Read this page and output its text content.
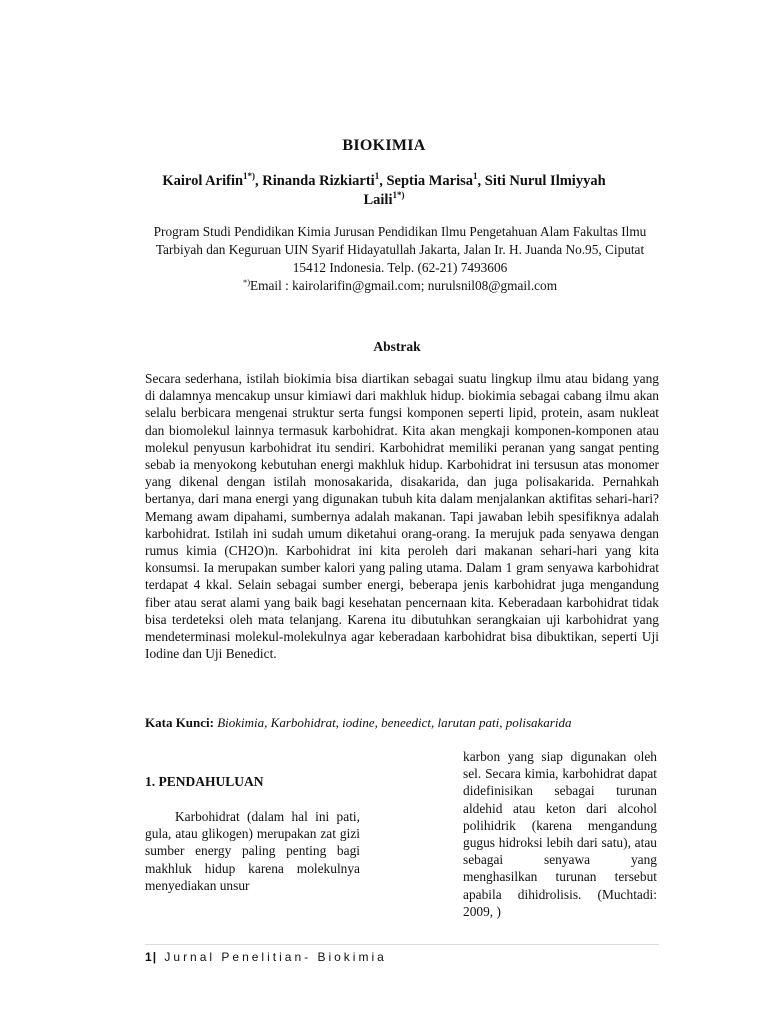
BIOKIMIA
Kairol Arifin$^{1*)}$, Rinanda Rizkiarti$^1$, Septia Marisa$^1$, Siti Nurul Ilmiyyah Laili$^{1*)}$
Program Studi Pendidikan Kimia Jurusan Pendidikan Ilmu Pengetahuan Alam Fakultas Ilmu Tarbiyah dan Keguruan UIN Syarif Hidayatullah Jakarta, Jalan Ir. H. Juanda No.95, Ciputat 15412 Indonesia. Telp. (62-21) 7493606
*)Email : kairolarifin@gmail.com; nurulsnil08@gmail.com
Abstrak
Secara sederhana, istilah biokimia bisa diartikan sebagai suatu lingkup ilmu atau bidang yang di dalamnya mencakup unsur kimiawi dari makhluk hidup. biokimia sebagai cabang ilmu akan selalu berbicara mengenai struktur serta fungsi komponen seperti lipid, protein, asam nukleat dan biomolekul lainnya termasuk karbohidrat. Kita akan mengkaji komponen-komponen atau molekul penyusun karbohidrat itu sendiri. Karbohidrat memiliki peranan yang sangat penting sebab ia menyokong kebutuhan energi makhluk hidup. Karbohidrat ini tersusun atas monomer yang dikenal dengan istilah monosakarida, disakarida, dan juga polisakarida. Pernahkah bertanya, dari mana energi yang digunakan tubuh kita dalam menjalankan aktifitas sehari-hari? Memang awam dipahami, sumbernya adalah makanan. Tapi jawaban lebih spesifiknya adalah karbohidrat. Istilah ini sudah umum diketahui orang-orang. Ia merujuk pada senyawa dengan rumus kimia (CH2O)n. Karbohidrat ini kita peroleh dari makanan sehari-hari yang kita konsumsi. Ia merupakan sumber kalori yang paling utama. Dalam 1 gram senyawa karbohidrat terdapat 4 kkal. Selain sebagai sumber energi, beberapa jenis karbohidrat juga mengandung fiber atau serat alami yang baik bagi kesehatan pencernaan kita. Keberadaan karbohidrat tidak bisa terdeteksi oleh mata telanjang. Karena itu dibutuhkan serangkaian uji karbohidrat yang mendeterminasi molekul-molekulnya agar keberadaan karbohidrat bisa dibuktikan, seperti Uji Iodine dan Uji Benedict.
Kata Kunci: Biokimia, Karbohidrat, iodine, beneedict, larutan pati, polisakarida
karbon yang siap digunakan oleh sel. Secara kimia, karbohidrat dapat didefinisikan sebagai turunan aldehid atau keton dari alcohol polihidrik (karena mengandung gugus hidroksi lebih dari satu), atau sebagai senyawa yang menghasilkan turunan tersebut apabila dihidrolisis. (Muchtadi: 2009, )
1. PENDAHULUAN
Karbohidrat (dalam hal ini pati, gula, atau glikogen) merupakan zat gizi sumber energy paling penting bagi makhluk hidup karena molekulnya menyediakan unsur
1| Jurnal Penelitian- Biokimia
